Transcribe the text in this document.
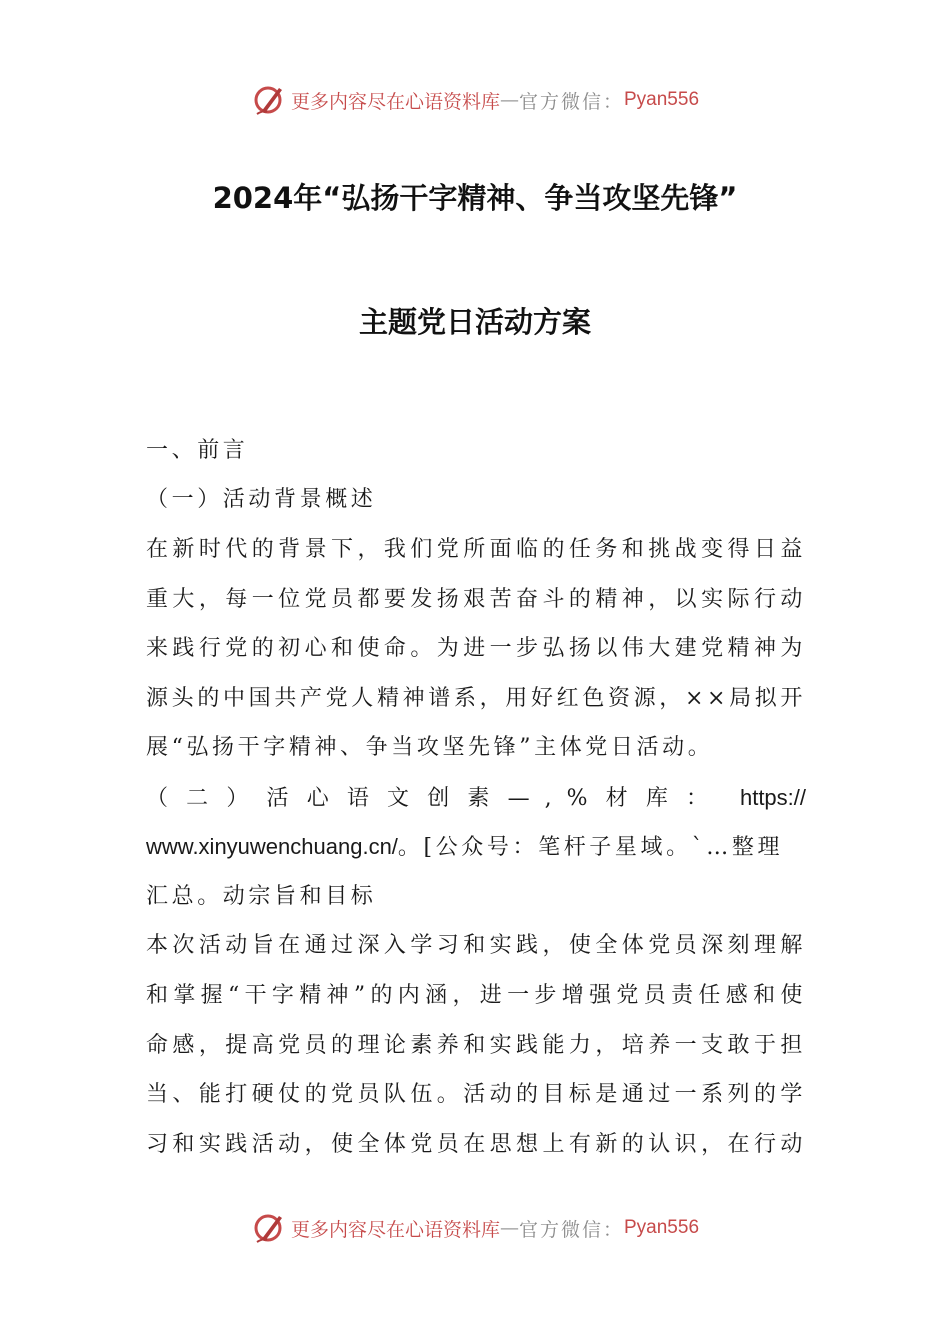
更多内容尽在心语资料库 — 官方微信： Pyan556
2024年“弘扬干字精神、争当攻坚先锋”
主题党日活动方案
一、前言
（一）活动背景概述
在新时代的背景下，我们党所面临的任务和挑战变得日益
重大，每一位党员都要发扬艰苦奋斗的精神，以实际行动
来践行党的初心和使命。为进一步弘扬以伟大建党精神为
源头的中国共产党人精神谱系，用好红色资源，××局拟开
展“弘扬干字精神、争当攻坚先锋”主体党日活动。
（二）活心语文创素—,%材库： https://
www.xinyuwenchuang.cn/。[公众号：笔杆子星域。`…整理
汇总。动宗旨和目标
本次活动旨在通过深入学习和实践，使全体党员深刻理解
和掌握“干字精神”的内涵，进一步增强党员责任感和使
命感，提高党员的理论素养和实践能力，培养一支敢于担
当、能打硬仗的党员队伍。活动的目标是通过一系列的学
习和实践活动，使全体党员在思想上有新的认识，在行动
更多内容尽在心语资料库 — 官方微信： Pyan556
